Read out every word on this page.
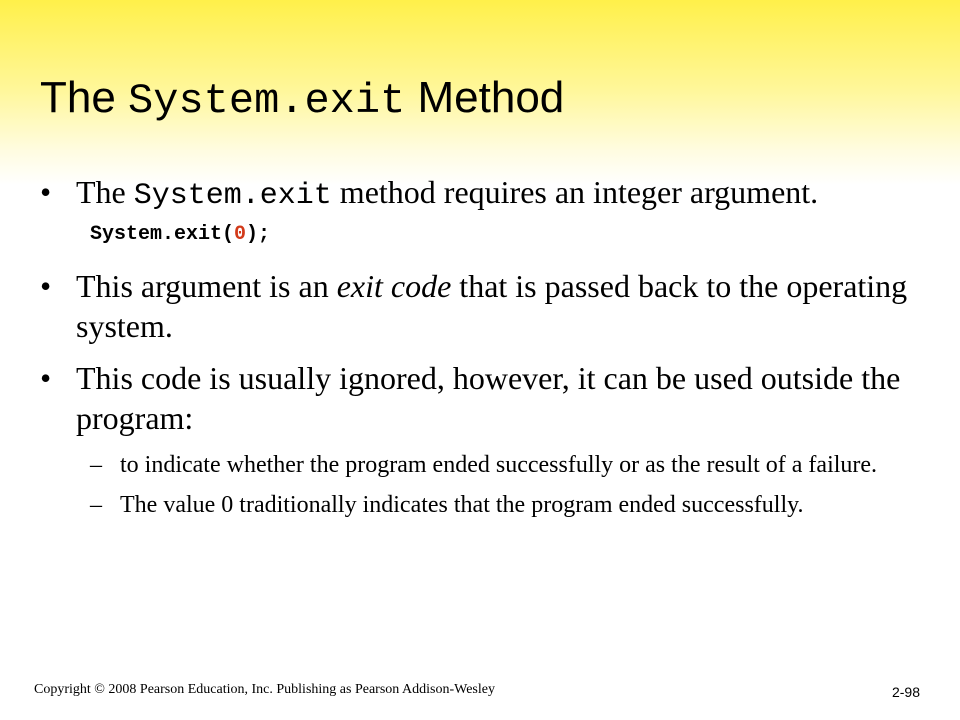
The System.exit Method
• The System.exit method requires an integer argument.
System.exit(0);
• This argument is an exit code that is passed back to the operating system.
• This code is usually ignored, however, it can be used outside the program:
– to indicate whether the program ended successfully or as the result of a failure.
– The value 0 traditionally indicates that the program ended successfully.
Copyright © 2008 Pearson Education, Inc. Publishing as Pearson Addison-Wesley	2-98
